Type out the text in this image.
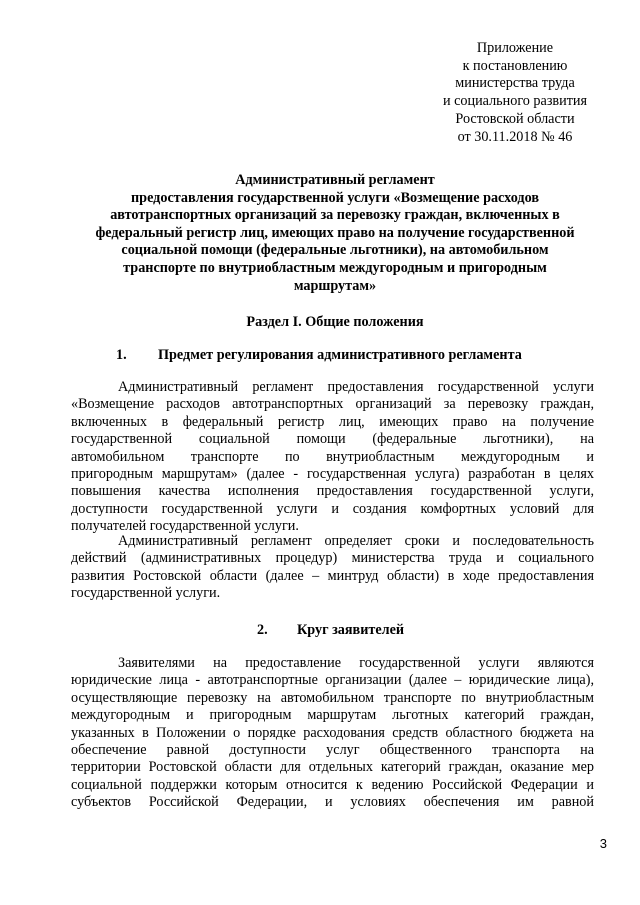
Приложение
к постановлению
министерства труда
и социального развития
Ростовской области
от 30.11.2018 № 46
Административный регламент
предоставления государственной услуги «Возмещение расходов
автотранспортных организаций за перевозку граждан, включенных в
федеральный регистр лиц, имеющих право на получение государственной
социальной помощи (федеральные льготники), на автомобильном
транспорте по внутриобластным междугородным и пригородным
маршрутам»
Раздел I. Общие положения
1. Предмет регулирования административного регламента
Административный регламент предоставления государственной услуги
«Возмещение расходов автотранспортных организаций за перевозку граждан,
включенных в федеральный регистр лиц, имеющих право на получение
государственной социальной помощи (федеральные льготники), на
автомобильном транспорте по внутриобластным междугородным и
пригородным маршрутам» (далее - государственная услуга) разработан в целях
повышения качества исполнения предоставления государственной услуги,
доступности государственной услуги и создания комфортных условий для
получателей государственной услуги.
Административный регламент определяет сроки и последовательность
действий (административных процедур) министерства труда и социального
развития Ростовской области (далее – минтруд области) в ходе предоставления
государственной услуги.
2. Круг заявителей
Заявителями на предоставление государственной услуги являются
юридические лица - автотранспортные организации (далее – юридические лица),
осуществляющие перевозку на автомобильном транспорте по внутриобластным
междугородным и пригородным маршрутам льготных категорий граждан,
указанных в Положении о порядке расходования средств областного бюджета на
обеспечение равной доступности услуг общественного транспорта на
территории Ростовской области для отдельных категорий граждан, оказание мер
социальной поддержки которым относится к ведению Российской Федерации и
субъектов Российской Федерации, и условиях обеспечения им равной
3
